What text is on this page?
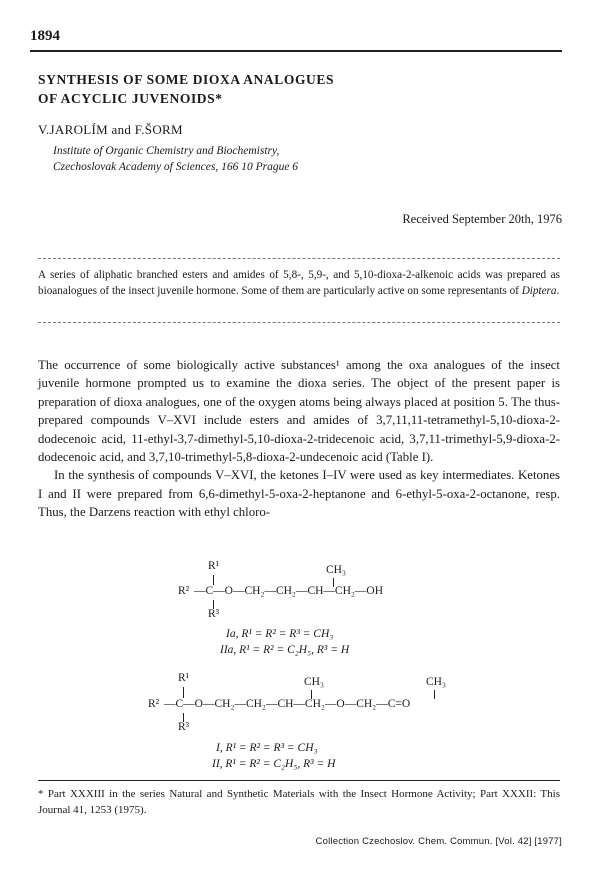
1894
SYNTHESIS OF SOME DIOXA ANALOGUES
OF ACYCLIC JUVENOIDS*
V.JAROLÍM and F.ŠORM
Institute of Organic Chemistry and Biochemistry,
Czechoslovak Academy of Sciences, 166 10 Prague 6
Received September 20th, 1976
A series of aliphatic branched esters and amides of 5,8-, 5,9-, and 5,10-dioxa-2-alkenoic acids was prepared as bioanalogues of the insect juvenile hormone. Some of them are particularly active on some representants of Diptera.

The occurrence of some biologically active substances¹ among the oxa analogues of the insect juvenile hormone prompted us to examine the dioxa series. The object of the present paper is preparation of dioxa analogues, one of the oxygen atoms being always placed at position 5. The thus-prepared compounds V–XVI include esters and amides of 3,7,11,11-tetramethyl-5,10-dioxa-2-dodecenoic acid, 11-ethyl-3,7-dimethyl-5,10-dioxa-2-tridecenoic acid, 3,7,11-trimethyl-5,9-dioxa-2-dodecenoic acid, and 3,7,10-trimethyl-5,8-dioxa-2-undecenoic acid (Table I).

In the synthesis of compounds V–XVI, the ketones I–IV were used as key intermediates. Ketones I and II were prepared from 6,6-dimethyl-5-oxa-2-heptanone and 6-ethyl-5-oxa-2-octanone, resp. Thus, the Darzens reaction with ethyl chloro-

R¹	CH₃
R² —C—O—CH₂—CH₂—CH—CH₂—OH
R³
Ia, R¹ = R² = R³ = CH₃
IIa, R¹ = R² = C₂H₅, R³ = H
R¹	CH₃	CH₃
R² —C—O—CH₂—CH₂—CH—CH₂—O—CH₂—C=O
R³
I, R¹ = R² = R³ = CH₃
II, R¹ = R² = C₂H₅, R³ = H
* Part XXXIII in the series Natural and Synthetic Materials with the Insect Hormone Activity; Part XXXII: This Journal 41, 1253 (1975).
Collection Czechoslov. Chem. Commun. [Vol. 42] [1977]
